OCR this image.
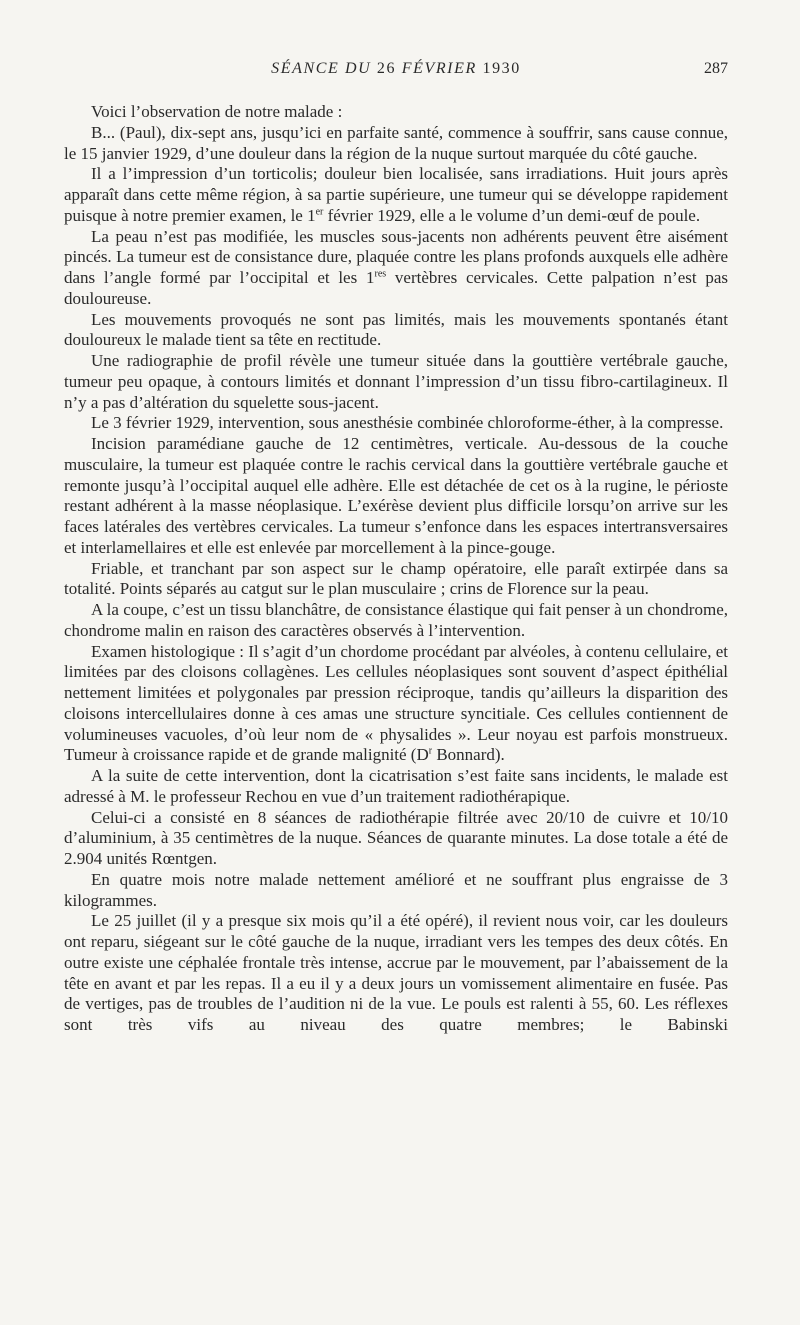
SÉANCE DU 26 FÉVRIER 1930	287

Voici l’observation de notre malade :

B... (Paul), dix-sept ans, jusqu’ici en parfaite santé, commence à souffrir, sans cause connue, le 15 janvier 1929, d’une douleur dans la région de la nuque surtout marquée du côté gauche.

Il a l’impression d’un torticolis; douleur bien localisée, sans irradiations. Huit jours après apparaît dans cette même région, à sa partie supérieure, une tumeur qui se développe rapidement puisque à notre premier examen, le 1er février 1929, elle a le volume d’un demi-œuf de poule.

La peau n’est pas modifiée, les muscles sous-jacents non adhérents peuvent être aisément pincés. La tumeur est de consistance dure, plaquée contre les plans profonds auxquels elle adhère dans l’angle formé par l’occipital et les 1res vertèbres cervicales. Cette palpation n’est pas douloureuse.

Les mouvements provoqués ne sont pas limités, mais les mouvements spontanés étant douloureux le malade tient sa tête en rectitude.

Une radiographie de profil révèle une tumeur située dans la gouttière vertébrale gauche, tumeur peu opaque, à contours limités et donnant l’impression d’un tissu fibro-cartilagineux. Il n’y a pas d’altération du squelette sous-jacent.

Le 3 février 1929, intervention, sous anesthésie combinée chloroforme-éther, à la compresse.

Incision paramédiane gauche de 12 centimètres, verticale. Au-dessous de la couche musculaire, la tumeur est plaquée contre le rachis cervical dans la gouttière vertébrale gauche et remonte jusqu’à l’occipital auquel elle adhère. Elle est détachée de cet os à la rugine, le périoste restant adhérent à la masse néoplasique. L’exérèse devient plus difficile lorsqu’on arrive sur les faces latérales des vertèbres cervicales. La tumeur s’enfonce dans les espaces intertransversaires et interlamellaires et elle est enlevée par morcellement à la pince-gouge.

Friable, et tranchant par son aspect sur le champ opératoire, elle paraît extirpée dans sa totalité. Points séparés au catgut sur le plan musculaire ; crins de Florence sur la peau.

A la coupe, c’est un tissu blanchâtre, de consistance élastique qui fait penser à un chondrome, chondrome malin en raison des caractères observés à l’intervention.

Examen histologique : Il s’agit d’un chordome procédant par alvéoles, à contenu cellulaire, et limitées par des cloisons collagènes. Les cellules néoplasiques sont souvent d’aspect épithélial nettement limitées et polygonales par pression réciproque, tandis qu’ailleurs la disparition des cloisons intercellulaires donne à ces amas une structure syncitiale. Ces cellules contiennent de volumineuses vacuoles, d’où leur nom de « physalides ». Leur noyau est parfois monstrueux. Tumeur à croissance rapide et de grande malignité ($D^r$ Bonnard).

A la suite de cette intervention, dont la cicatrisation s’est faite sans incidents, le malade est adressé à M. le professeur Rechou en vue d’un traitement radiothérapique.

Celui-ci a consisté en 8 séances de radiothérapie filtrée avec 20/10 de cuivre et 10/10 d’aluminium, à 35 centimètres de la nuque. Séances de quarante minutes. La dose totale a été de 2.904 unités Rœntgen.

En quatre mois notre malade nettement amélioré et ne souffrant plus engraisse de 3 kilogrammes.

Le 25 juillet (il y a presque six mois qu’il a été opéré), il revient nous voir, car les douleurs ont reparu, siégeant sur le côté gauche de la nuque, irradiant vers les tempes des deux côtés. En outre existe une céphalée frontale très intense, accrue par le mouvement, par l’abaissement de la tête en avant et par les repas. Il a eu il y a deux jours un vomissement alimentaire en fusée. Pas de vertiges, pas de troubles de l’audition ni de la vue. Le pouls est ralenti à 55, 60. Les réflexes sont très vifs au niveau des quatre membres; le Babinski
